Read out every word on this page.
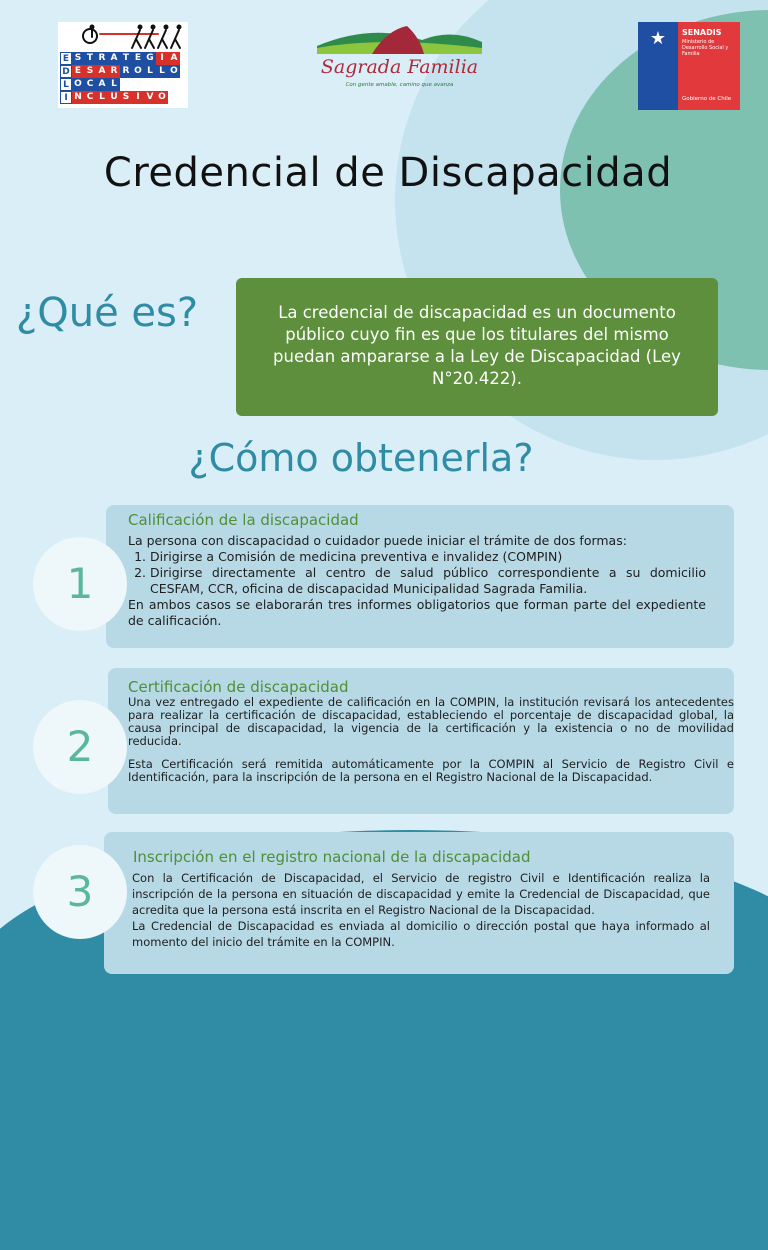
E S T R A T E G I A
D E S A R R O L L O
L O C A L
I N C L U S I V O
Sagrada Familia
Con gente amable, camino que avanza
★	SENADIS
Ministerio de Desarrollo Social y Familia
Gobierno de Chile
Credencial de Discapacidad
¿Qué es?	La credencial de discapacidad es un documento público cuyo fin es que los titulares del mismo puedan ampararse a la Ley de Discapacidad (Ley N°20.422).
¿Cómo obtenerla?
Calificación de la discapacidad

La persona con discapacidad o cuidador puede iniciar el trámite de dos formas:

1. Dirigirse a Comisión de medicina preventiva e invalidez (COMPIN)
2. Dirigirse directamente al centro de salud público correspondiente a su domicilio CESFAM, CCR, oficina de discapacidad Municipalidad Sagrada Familia.

En ambos casos se elaborarán tres informes obligatorios que forman parte del expediente de calificación.

1
Certificación de discapacidad

Una vez entregado el expediente de calificación en la COMPIN, la institución revisará los antecedentes para realizar la certificación de discapacidad, estableciendo el porcentaje de discapacidad global, la causa principal de discapacidad, la vigencia de la certificación y la existencia o no de movilidad reducida.

Esta Certificación será remitida automáticamente por la COMPIN al Servicio de Registro Civil e Identificación, para la inscripción de la persona en el Registro Nacional de la Discapacidad.

2
Inscripción en el registro nacional de la discapacidad

Con la Certificación de Discapacidad, el Servicio de registro Civil e Identificación realiza la inscripción de la persona en situación de discapacidad y emite la Credencial de Discapacidad, que acredita que la persona está inscrita en el Registro Nacional de la Discapacidad.

La Credencial de Discapacidad es enviada al domicilio o dirección postal que haya informado al momento del inicio del trámite en la COMPIN.

3
